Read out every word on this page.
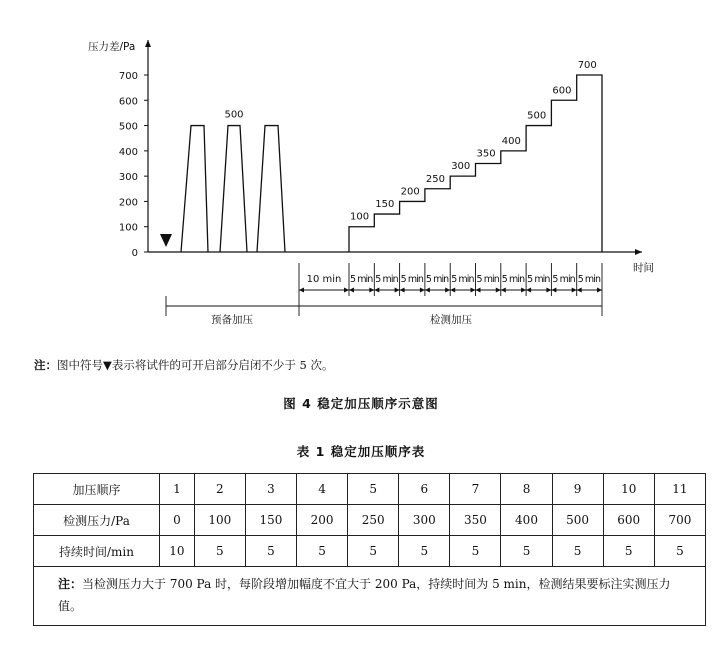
压力差/Pa
时间
0
100
200
300
400
500
600
700
500
100
150
200
250
300
350
400
500
600
700
10 min 5 min 5 min 5 min 5 min 5 min 5 min 5 min 5 min 5 min 5 min
预备加压	检测加压
注：图中符号▼表示将试件的可开启部分启闭不少于 5 次。
图 4 稳定加压顺序示意图
表 1 稳定加压顺序表
加压顺序	1	2	3	4	5	6	7	8	9	10	11
检测压力/Pa	0	100	150	200	250	300	350	400	500	600	700
持续时间/min	10	5	5	5	5	5	5	5	5	5	5
注：当检测压力大于 700 Pa 时，每阶段增加幅度不宜大于 200 Pa，持续时间为 5 min，检测结果要标注实测压力值。											
